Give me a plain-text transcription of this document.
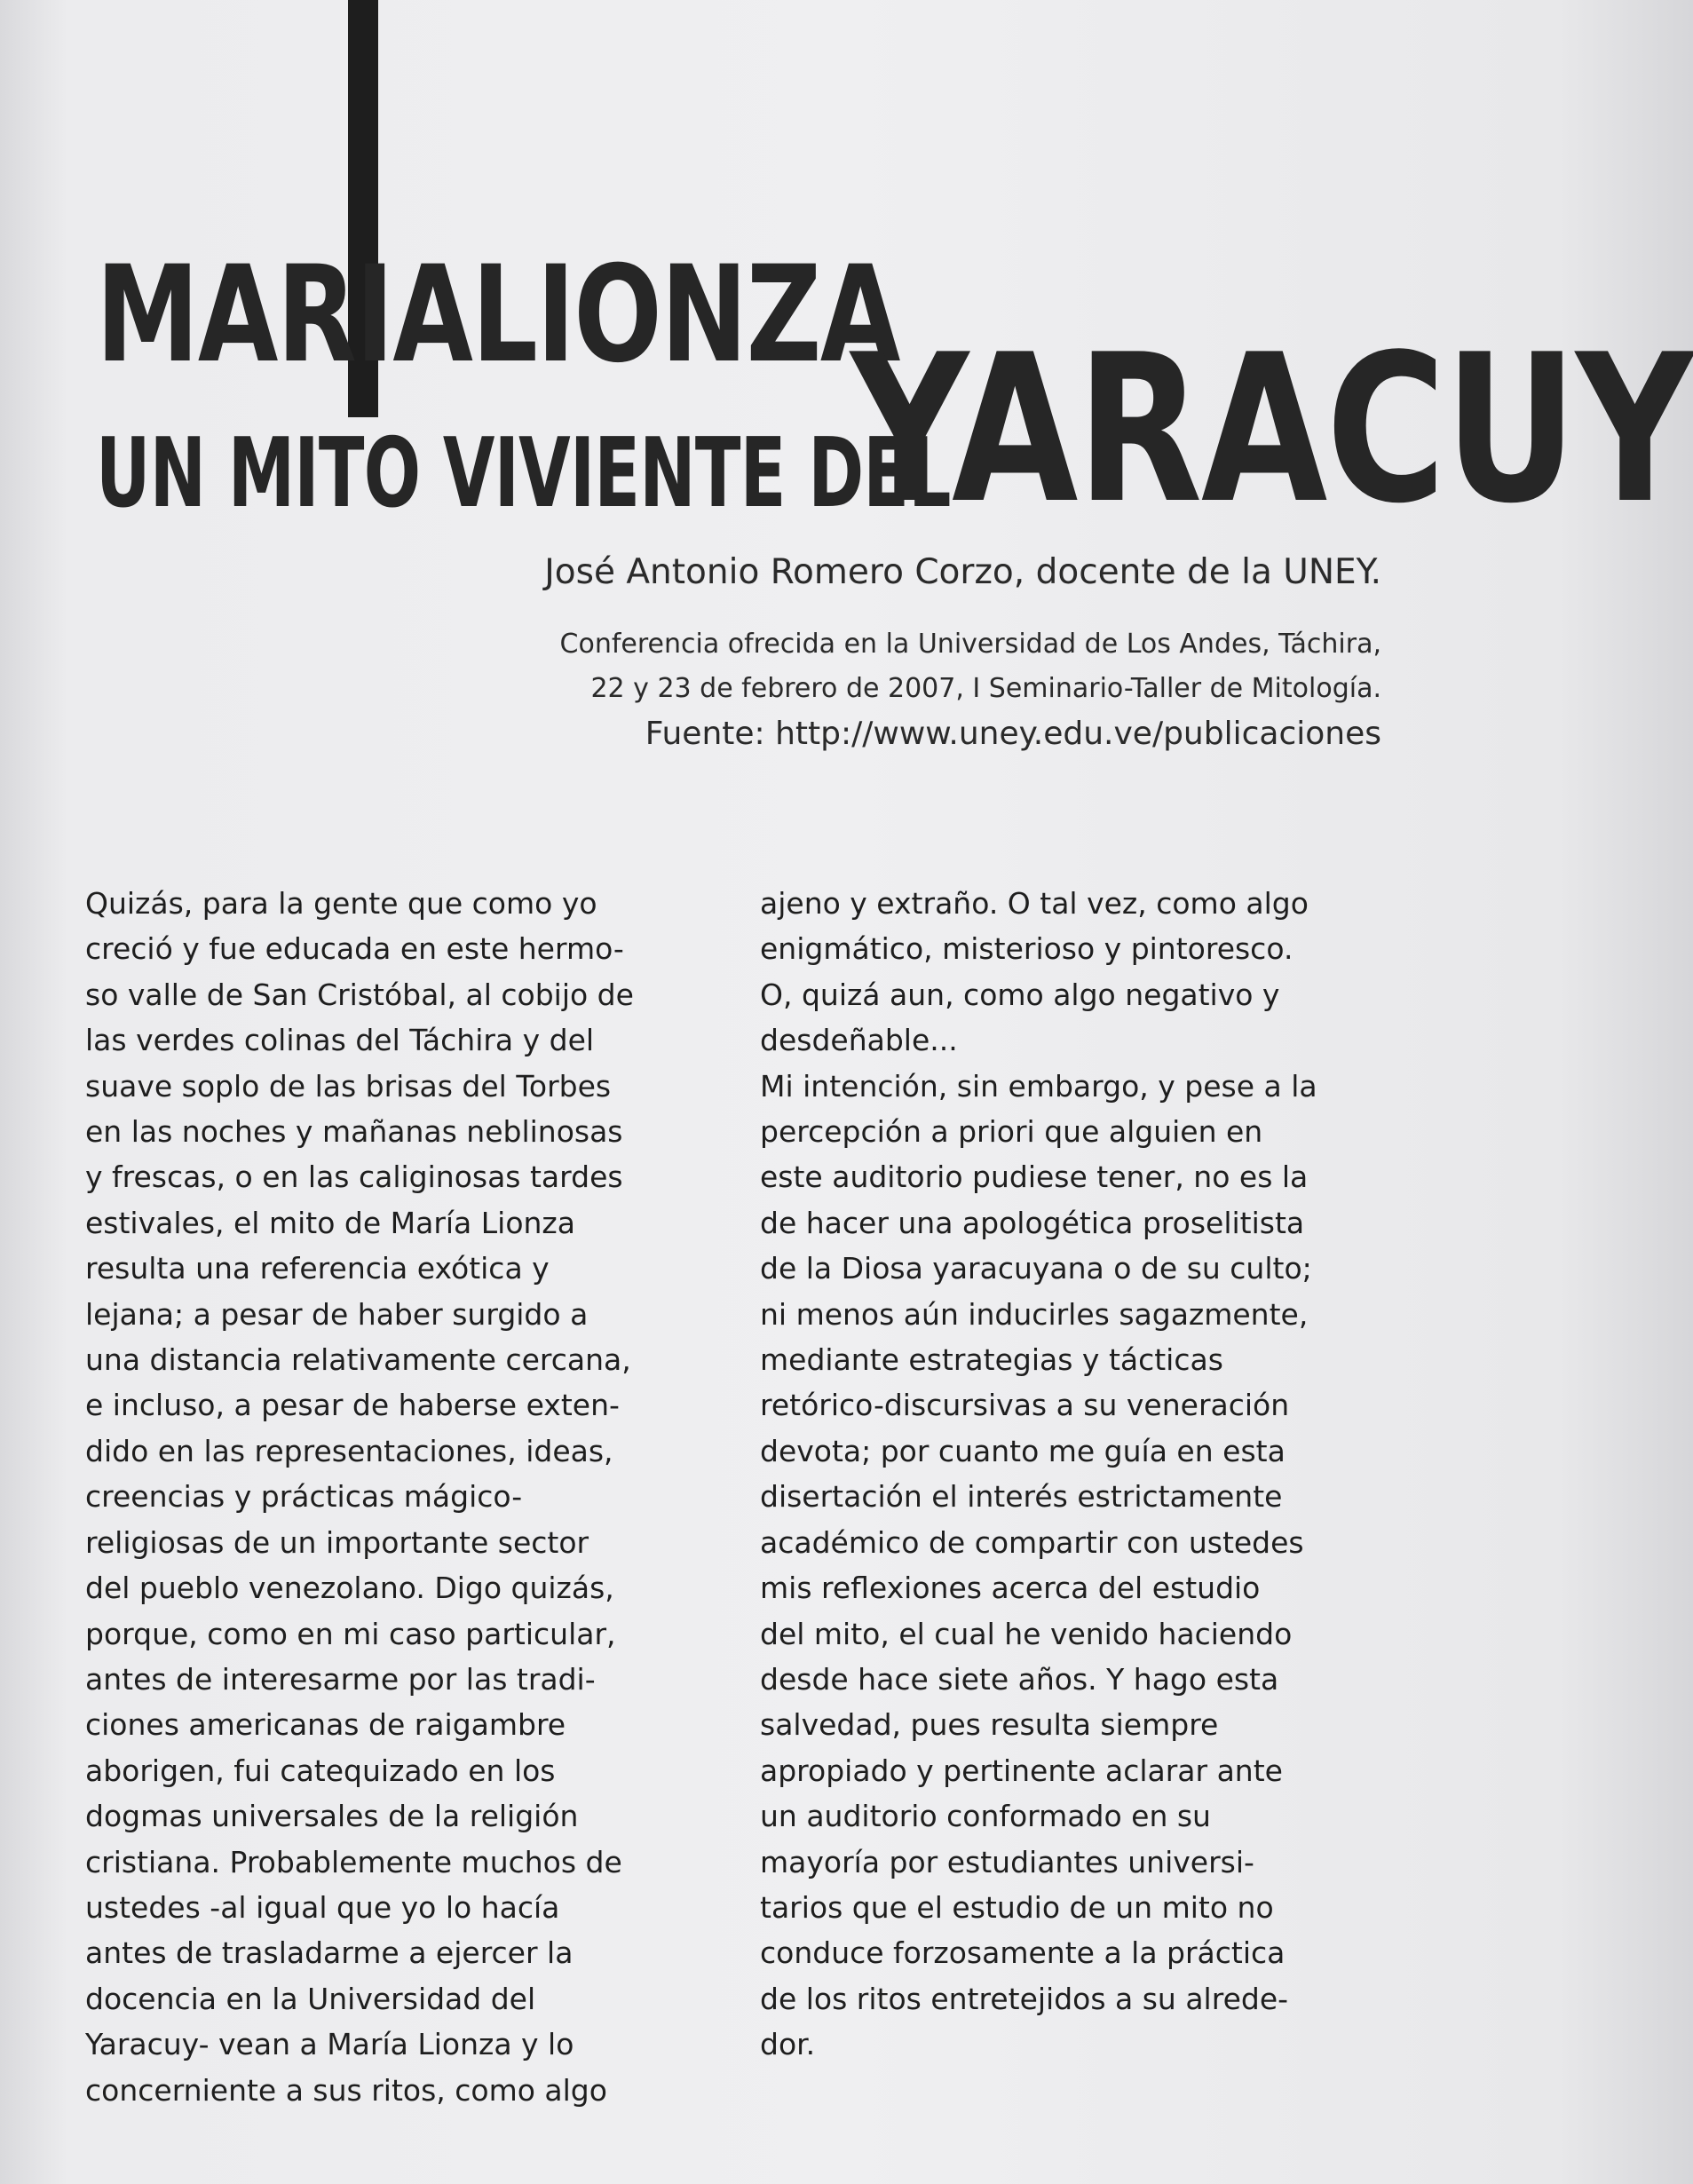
MARIALIONZA
UN MITO VIVIENTE DEL
YARACUY

José Antonio Romero Corzo, docente de la UNEY.

Conferencia ofrecida en la Universidad de Los Andes, Táchira,

22 y 23 de febrero de 2007, I Seminario-Taller de Mitología.

Fuente: http://www.uney.edu.ve/publicaciones

Quizás, para la gente que como yo
creció y fue educada en este hermo-
so valle de San Cristóbal, al cobijo de
las verdes colinas del Táchira y del
suave soplo de las brisas del Torbes
en las noches y mañanas neblinosas
y frescas, o en las caliginosas tardes
estivales, el mito de María Lionza
resulta una referencia exótica y
lejana; a pesar de haber surgido a
una distancia relativamente cercana,
e incluso, a pesar de haberse exten-
dido en las representaciones, ideas,
creencias y prácticas mágico-
religiosas de un importante sector
del pueblo venezolano. Digo quizás,
porque, como en mi caso particular,
antes de interesarme por las tradi-
ciones americanas de raigambre
aborigen, fui catequizado en los
dogmas universales de la religión
cristiana. Probablemente muchos de
ustedes -al igual que yo lo hacía
antes de trasladarme a ejercer la
docencia en la Universidad del
Yaracuy- vean a María Lionza y lo
concerniente a sus ritos, como algo
ajeno y extraño. O tal vez, como algo
enigmático, misterioso y pintoresco.
O, quizá aun, como algo negativo y
desdeñable...
Mi intención, sin embargo, y pese a la
percepción a priori que alguien en
este auditorio pudiese tener, no es la
de hacer una apologética proselitista
de la Diosa yaracuyana o de su culto;
ni menos aún inducirles sagazmente,
mediante estrategias y tácticas
retórico-discursivas a su veneración
devota; por cuanto me guía en esta
disertación el interés estrictamente
académico de compartir con ustedes
mis reflexiones acerca del estudio
del mito, el cual he venido haciendo
desde hace siete años. Y hago esta
salvedad, pues resulta siempre
apropiado y pertinente aclarar ante
un auditorio conformado en su
mayoría por estudiantes universi-
tarios que el estudio de un mito no
conduce forzosamente a la práctica
de los ritos entretejidos a su alrede-
dor.
